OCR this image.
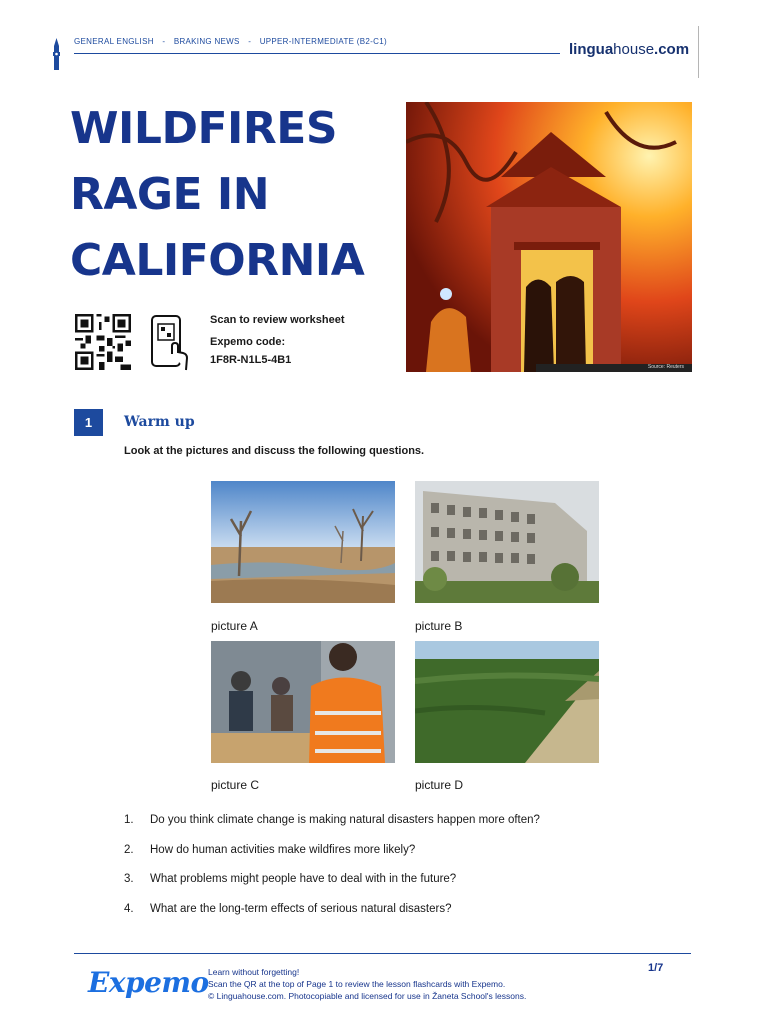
GENERAL ENGLISH - BRAKING NEWS - UPPER-INTERMEDIATE (B2-C1)	linguahouse.com
WILDFIRES
RAGE IN
CALIFORNIA
Source: Reuters
Scan to review worksheet
Expemo code:
1F8R-N1L5-4B1
1	Warm up
Look at the pictures and discuss the following questions.
picture A	picture B
picture C	picture D
1.	Do you think climate change is making natural disasters happen more often?
2.	How do human activities make wildfires more likely?
3.	What problems might people have to deal with in the future?
4.	What are the long-term effects of serious natural disasters?
Expemo Learn without forgetting!
Scan the QR at the top of Page 1 to review the lesson flashcards with Expemo.
© Linguahouse.com. Photocopiable and licensed for use in Žaneta School's lessons.
1/7
